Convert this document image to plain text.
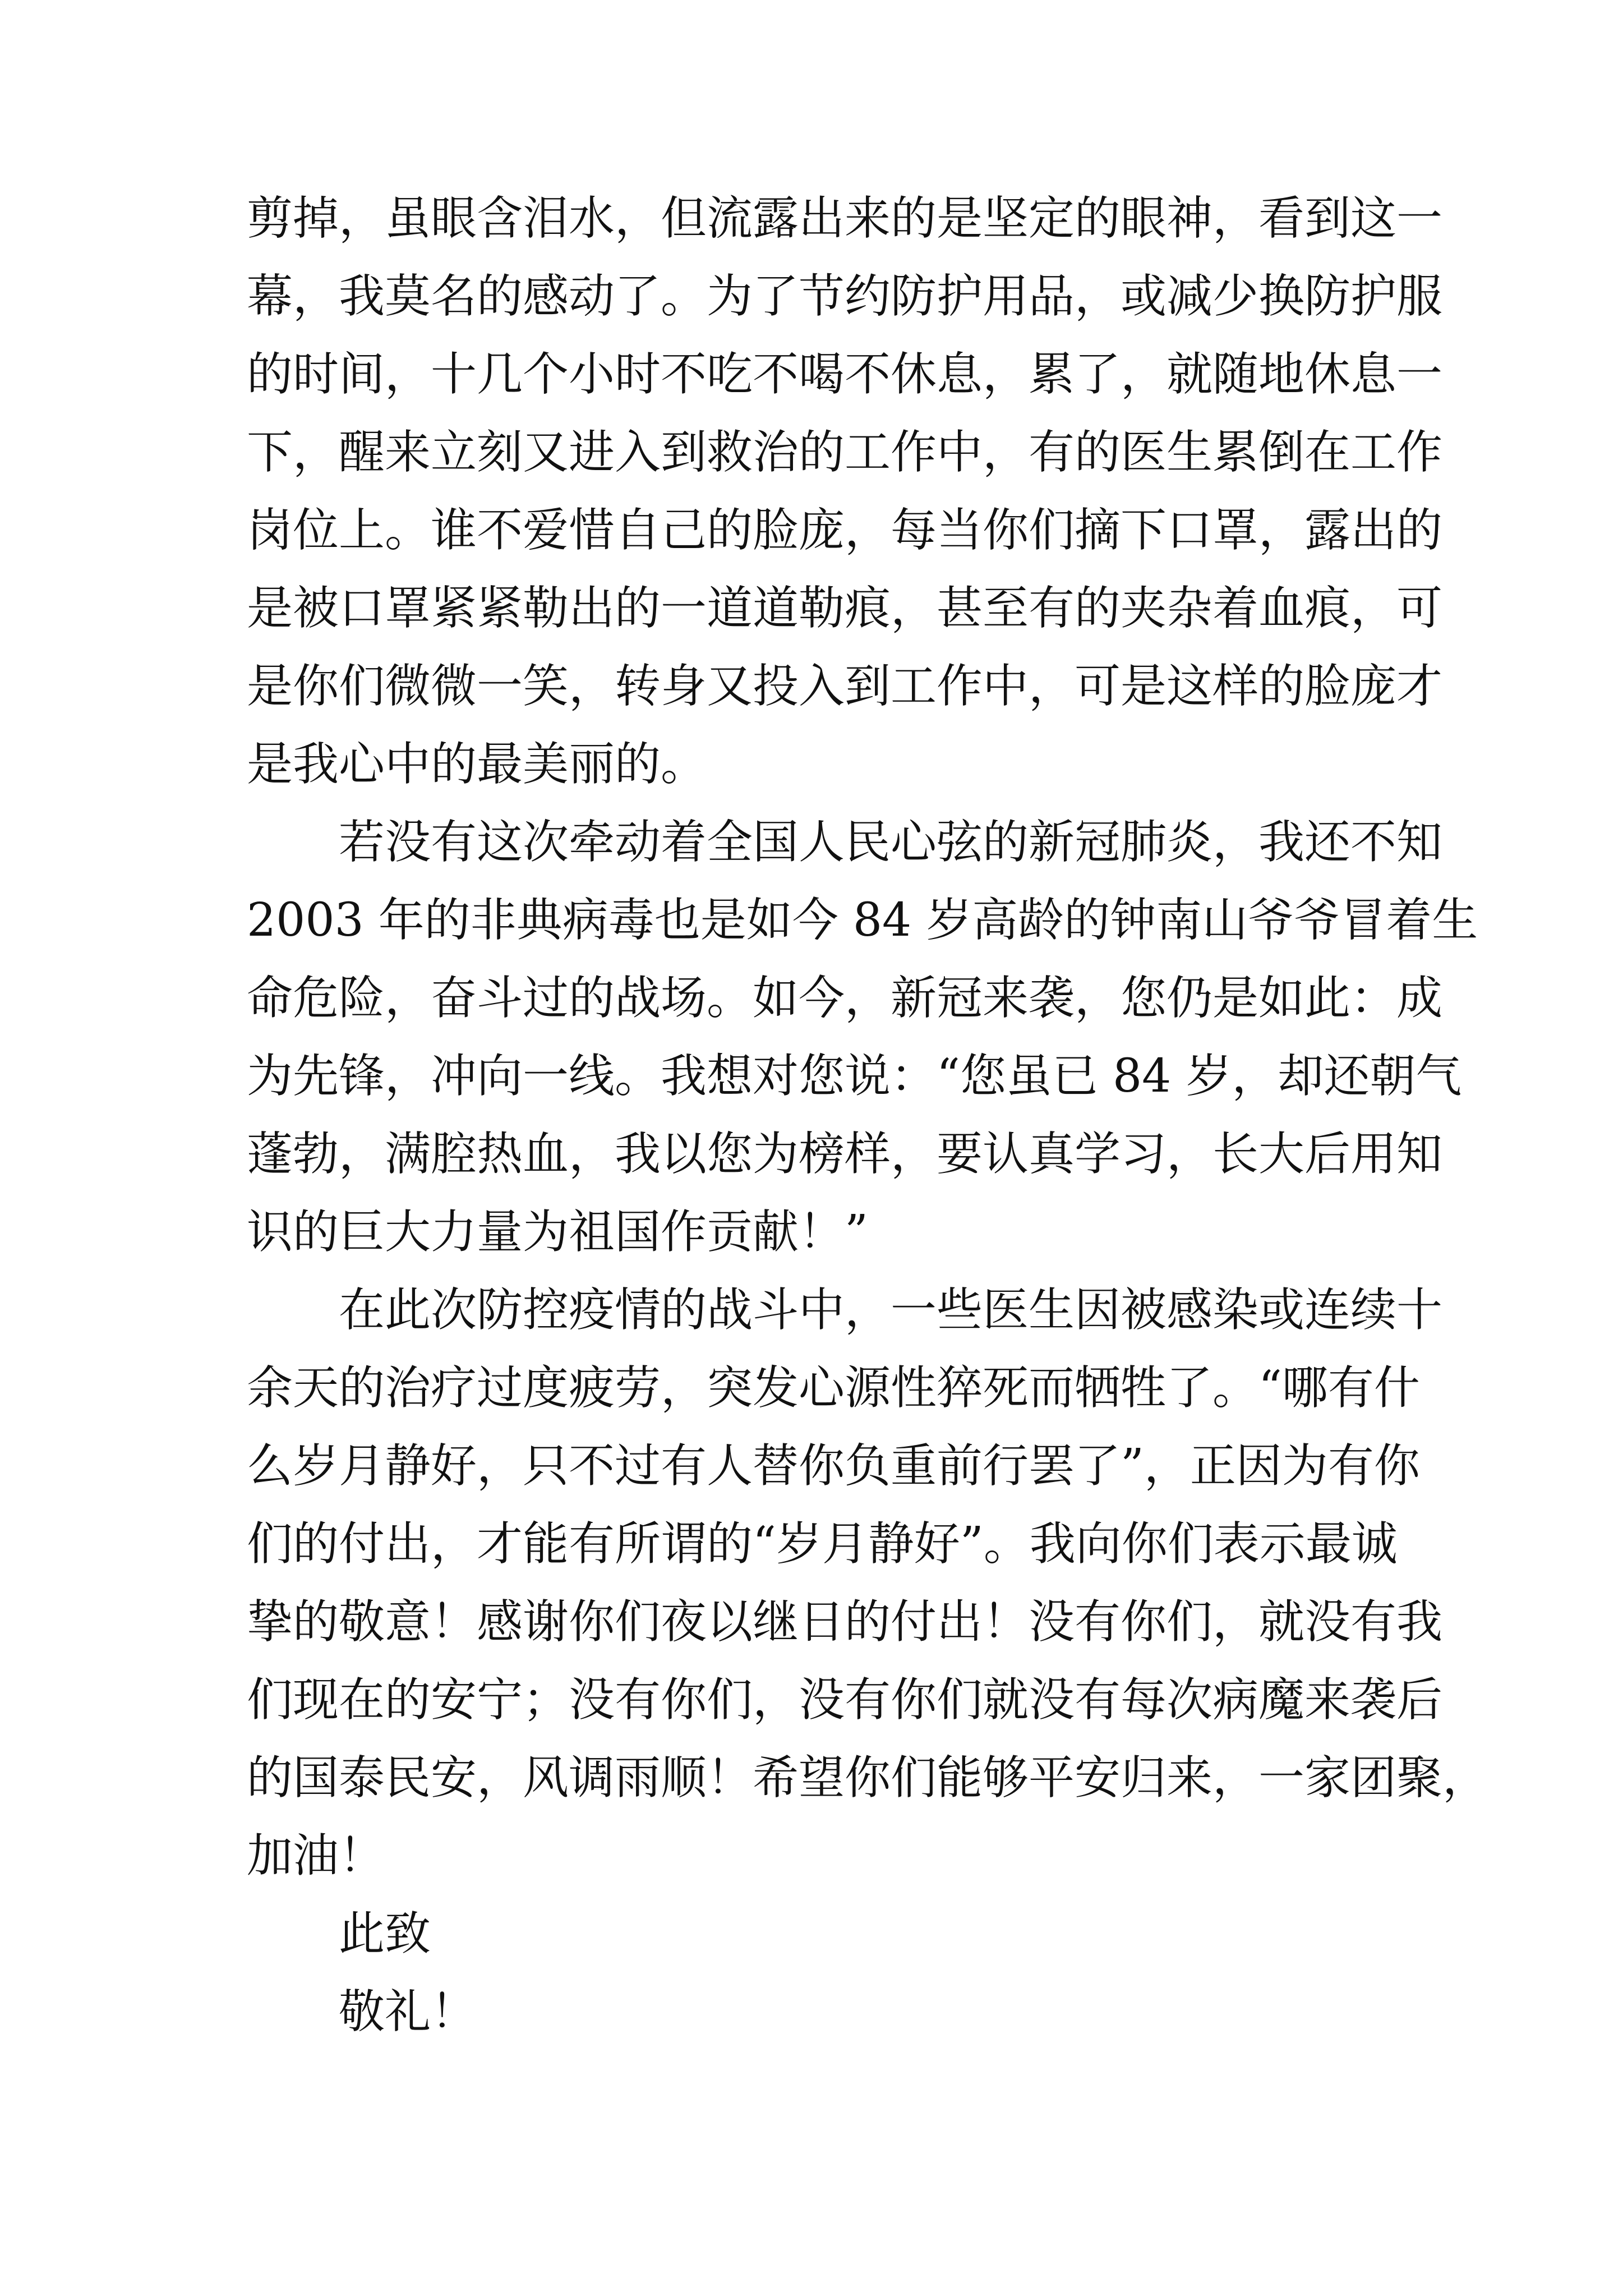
剪掉，虽眼含泪水，但流露出来的是坚定的眼神，看到这一
幕，我莫名的感动了。为了节约防护用品，或减少换防护服
的时间，十几个小时不吃不喝不休息，累了，就随地休息一
下，醒来立刻又进入到救治的工作中，有的医生累倒在工作
岗位上。谁不爱惜自己的脸庞，每当你们摘下口罩，露出的
是被口罩紧紧勒出的一道道勒痕，甚至有的夹杂着血痕，可
是你们微微一笑，转身又投入到工作中，可是这样的脸庞才
是我心中的最美丽的。
若没有这次牵动着全国人民心弦的新冠肺炎，我还不知
2003 年的非典病毒也是如今 84 岁高龄的钟南山爷爷冒着生
命危险，奋斗过的战场。如今，新冠来袭，您仍是如此：成
为先锋，冲向一线。我想对您说：“您虽已 84 岁，却还朝气
蓬勃，满腔热血，我以您为榜样，要认真学习，长大后用知
识的巨大力量为祖国作贡献！”
在此次防控疫情的战斗中，一些医生因被感染或连续十
余天的治疗过度疲劳，突发心源性猝死而牺牲了。“哪有什
么岁月静好，只不过有人替你负重前行罢了”，正因为有你
们的付出，才能有所谓的“岁月静好”。我向你们表示最诚
挚的敬意！感谢你们夜以继日的付出！没有你们，就没有我
们现在的安宁；没有你们，没有你们就没有每次病魔来袭后
的国泰民安，风调雨顺！希望你们能够平安归来，一家团聚，
加油！
此致
敬礼！
